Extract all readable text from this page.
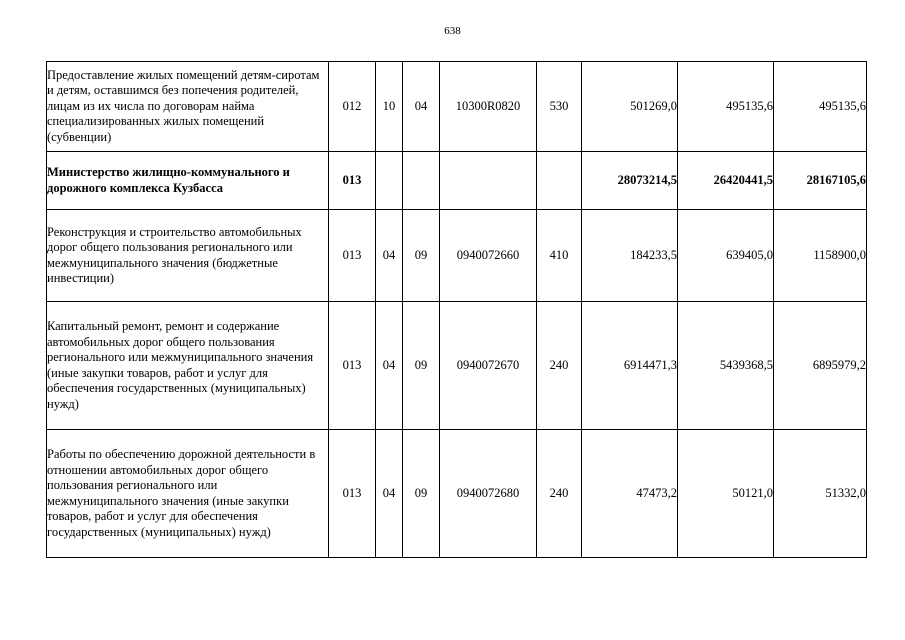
638
Предоставление жилых помещений детям-сиротам и детям, оставшимся без попечения родителей, лицам из их числа по договорам найма специализированных жилых помещений (субвенции)	012	10	04	10300R0820	530	501269,0	495135,6	495135,6
Министерство жилищно-коммунального и дорожного комплекса Кузбасса	013					28073214,5	26420441,5	28167105,6
Реконструкция и строительство автомобильных дорог общего пользования регионального или межмуниципального значения (бюджетные инвестиции)	013	04	09	0940072660	410	184233,5	639405,0	1158900,0
Капитальный ремонт, ремонт и содержание автомобильных дорог общего пользования регионального или межмуниципального значения (иные закупки товаров, работ и услуг для обеспечения государственных (муниципальных) нужд)	013	04	09	0940072670	240	6914471,3	5439368,5	6895979,2
Работы по обеспечению дорожной деятельности в отношении автомобильных дорог общего пользования регионального или межмуниципального значения (иные закупки товаров, работ и услуг для обеспечения государственных (муниципальных) нужд)	013	04	09	0940072680	240	47473,2	50121,0	51332,0
